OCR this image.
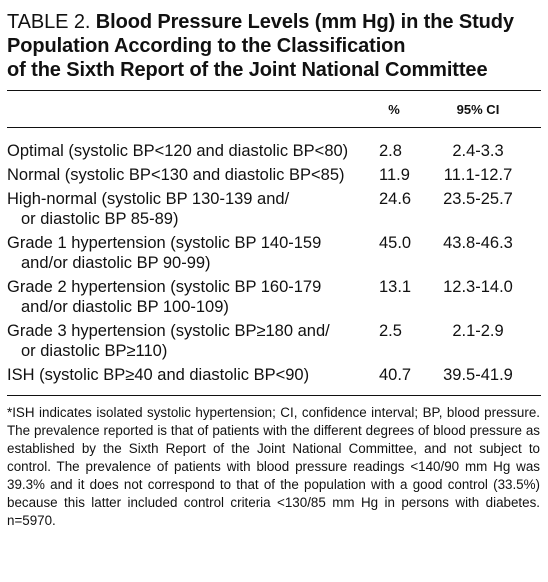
TABLE 2. Blood Pressure Levels (mm Hg) in the Study
Population According to the Classification
of the Sixth Report of the Joint National Committee
%	95% CI
Optimal (systolic BP<120 and diastolic BP<80)	2.8	2.4-3.3
Normal (systolic BP<130 and diastolic BP<85)	11.9	11.1-12.7
High-normal (systolic BP 130-139 and/
or diastolic BP 85-89)
24.6	23.5-25.7
Grade 1 hypertension (systolic BP 140-159
and/or diastolic BP 90-99)
45.0	43.8-46.3
Grade 2 hypertension (systolic BP 160-179
and/or diastolic BP 100-109)
13.1	12.3-14.0
Grade 3 hypertension (systolic BP≥180 and/
or diastolic BP≥110)
2.5	2.1-2.9
ISH (systolic BP≥40 and diastolic BP<90)	40.7	39.5-41.9
*ISH indicates isolated systolic hypertension; CI, confidence interval; BP, blood pressure. The prevalence reported is that of patients with the different degrees of blood pressure as established by the Sixth Report of the Joint National Committee, and not subject to control. The prevalence of patients with blood pressure readings <140/90 mm Hg was 39.3% and it does not correspond to that of the population with a good control (33.5%) because this latter included control criteria <130/85 mm Hg in persons with diabetes. n=5970.
